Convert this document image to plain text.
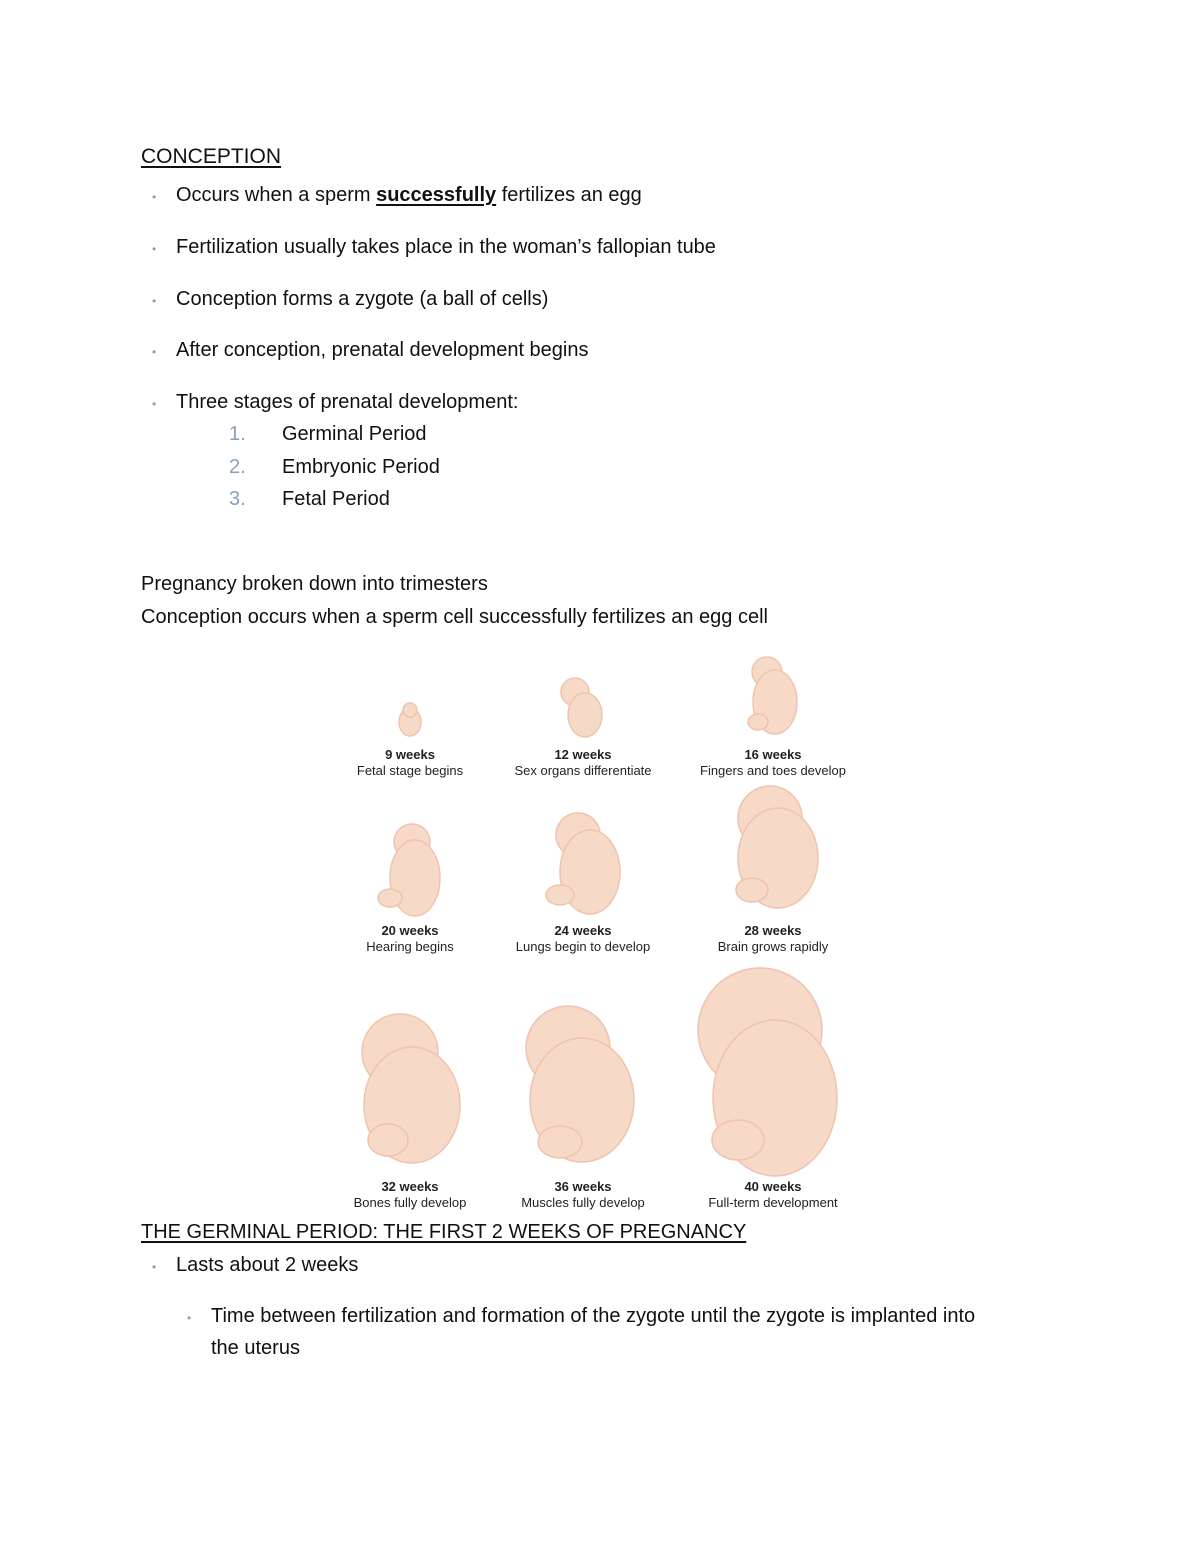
CONCEPTION
• Occurs when a sperm successfully fertilizes an egg
• Fertilization usually takes place in the woman’s fallopian tube
• Conception forms a zygote (a ball of cells)
• After conception, prenatal development begins
• Three stages of prenatal development:
1. Germinal Period
2. Embryonic Period
3. Fetal Period
Pregnancy broken down into trimesters
Conception occurs when a sperm cell successfully fertilizes an egg cell
9 weeks
Fetal stage begins
12 weeks
Sex organs differentiate
16 weeks
Fingers and toes develop
20 weeks
Hearing begins
24 weeks
Lungs begin to develop
28 weeks
Brain grows rapidly
32 weeks
Bones fully develop
36 weeks
Muscles fully develop
40 weeks
Full-term development
THE GERMINAL PERIOD: THE FIRST 2 WEEKS OF PREGNANCY
• Lasts about 2 weeks
• Time between fertilization and formation of the zygote until the zygote is implanted into
the uterus
